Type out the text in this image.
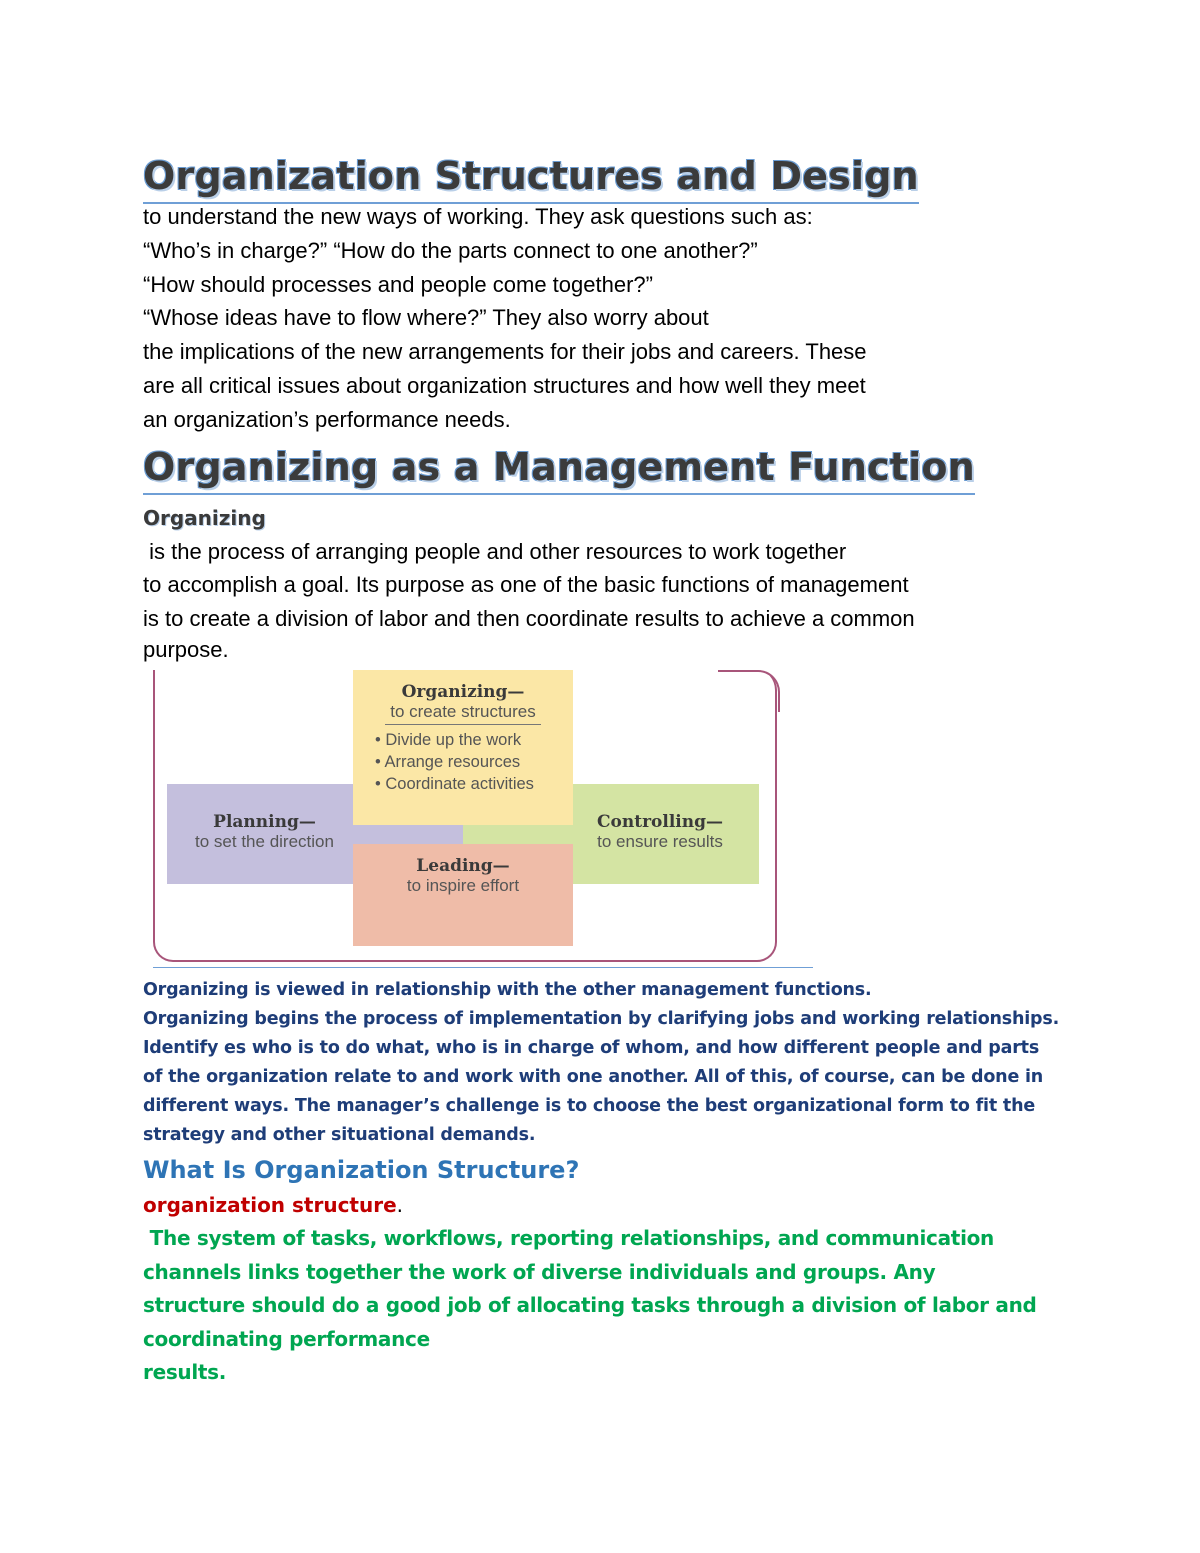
Organization Structures and Design

to understand the new ways of working. They ask questions such as:

“Who’s in charge?” “How do the parts connect to one another?”

“How should processes and people come together?”

“Whose ideas have to flow where?” They also worry about

the implications of the new arrangements for their jobs and careers. These

are all critical issues about organization structures and how well they meet

an organization’s performance needs.

Organizing as a Management Function

Organizing

is the process of arranging people and other resources to work together

to accomplish a goal. Its purpose as one of the basic functions of management

is to create a division of labor and then coordinate results to achieve a common

purpose.

Planning—
to set the direction
Controlling—
to ensure results
Organizing—
to create structures
• Divide up the work
• Arrange resources
• Coordinate activities
Leading—
to inspire effort

Organizing is viewed in relationship with the other management functions.

Organizing begins the process of implementation by clarifying jobs and working relationships.

Identify es who is to do what, who is in charge of whom, and how different people and parts

of the organization relate to and work with one another. All of this, of course, can be done in

different ways. The manager’s challenge is to choose the best organizational form to fit the

strategy and other situational demands.

What Is Organization Structure?

organization structure.

The system of tasks, workflows, reporting relationships, and communication

channels links together the work of diverse individuals and groups. Any

structure should do a good job of allocating tasks through a division of labor and

coordinating performance

results.
